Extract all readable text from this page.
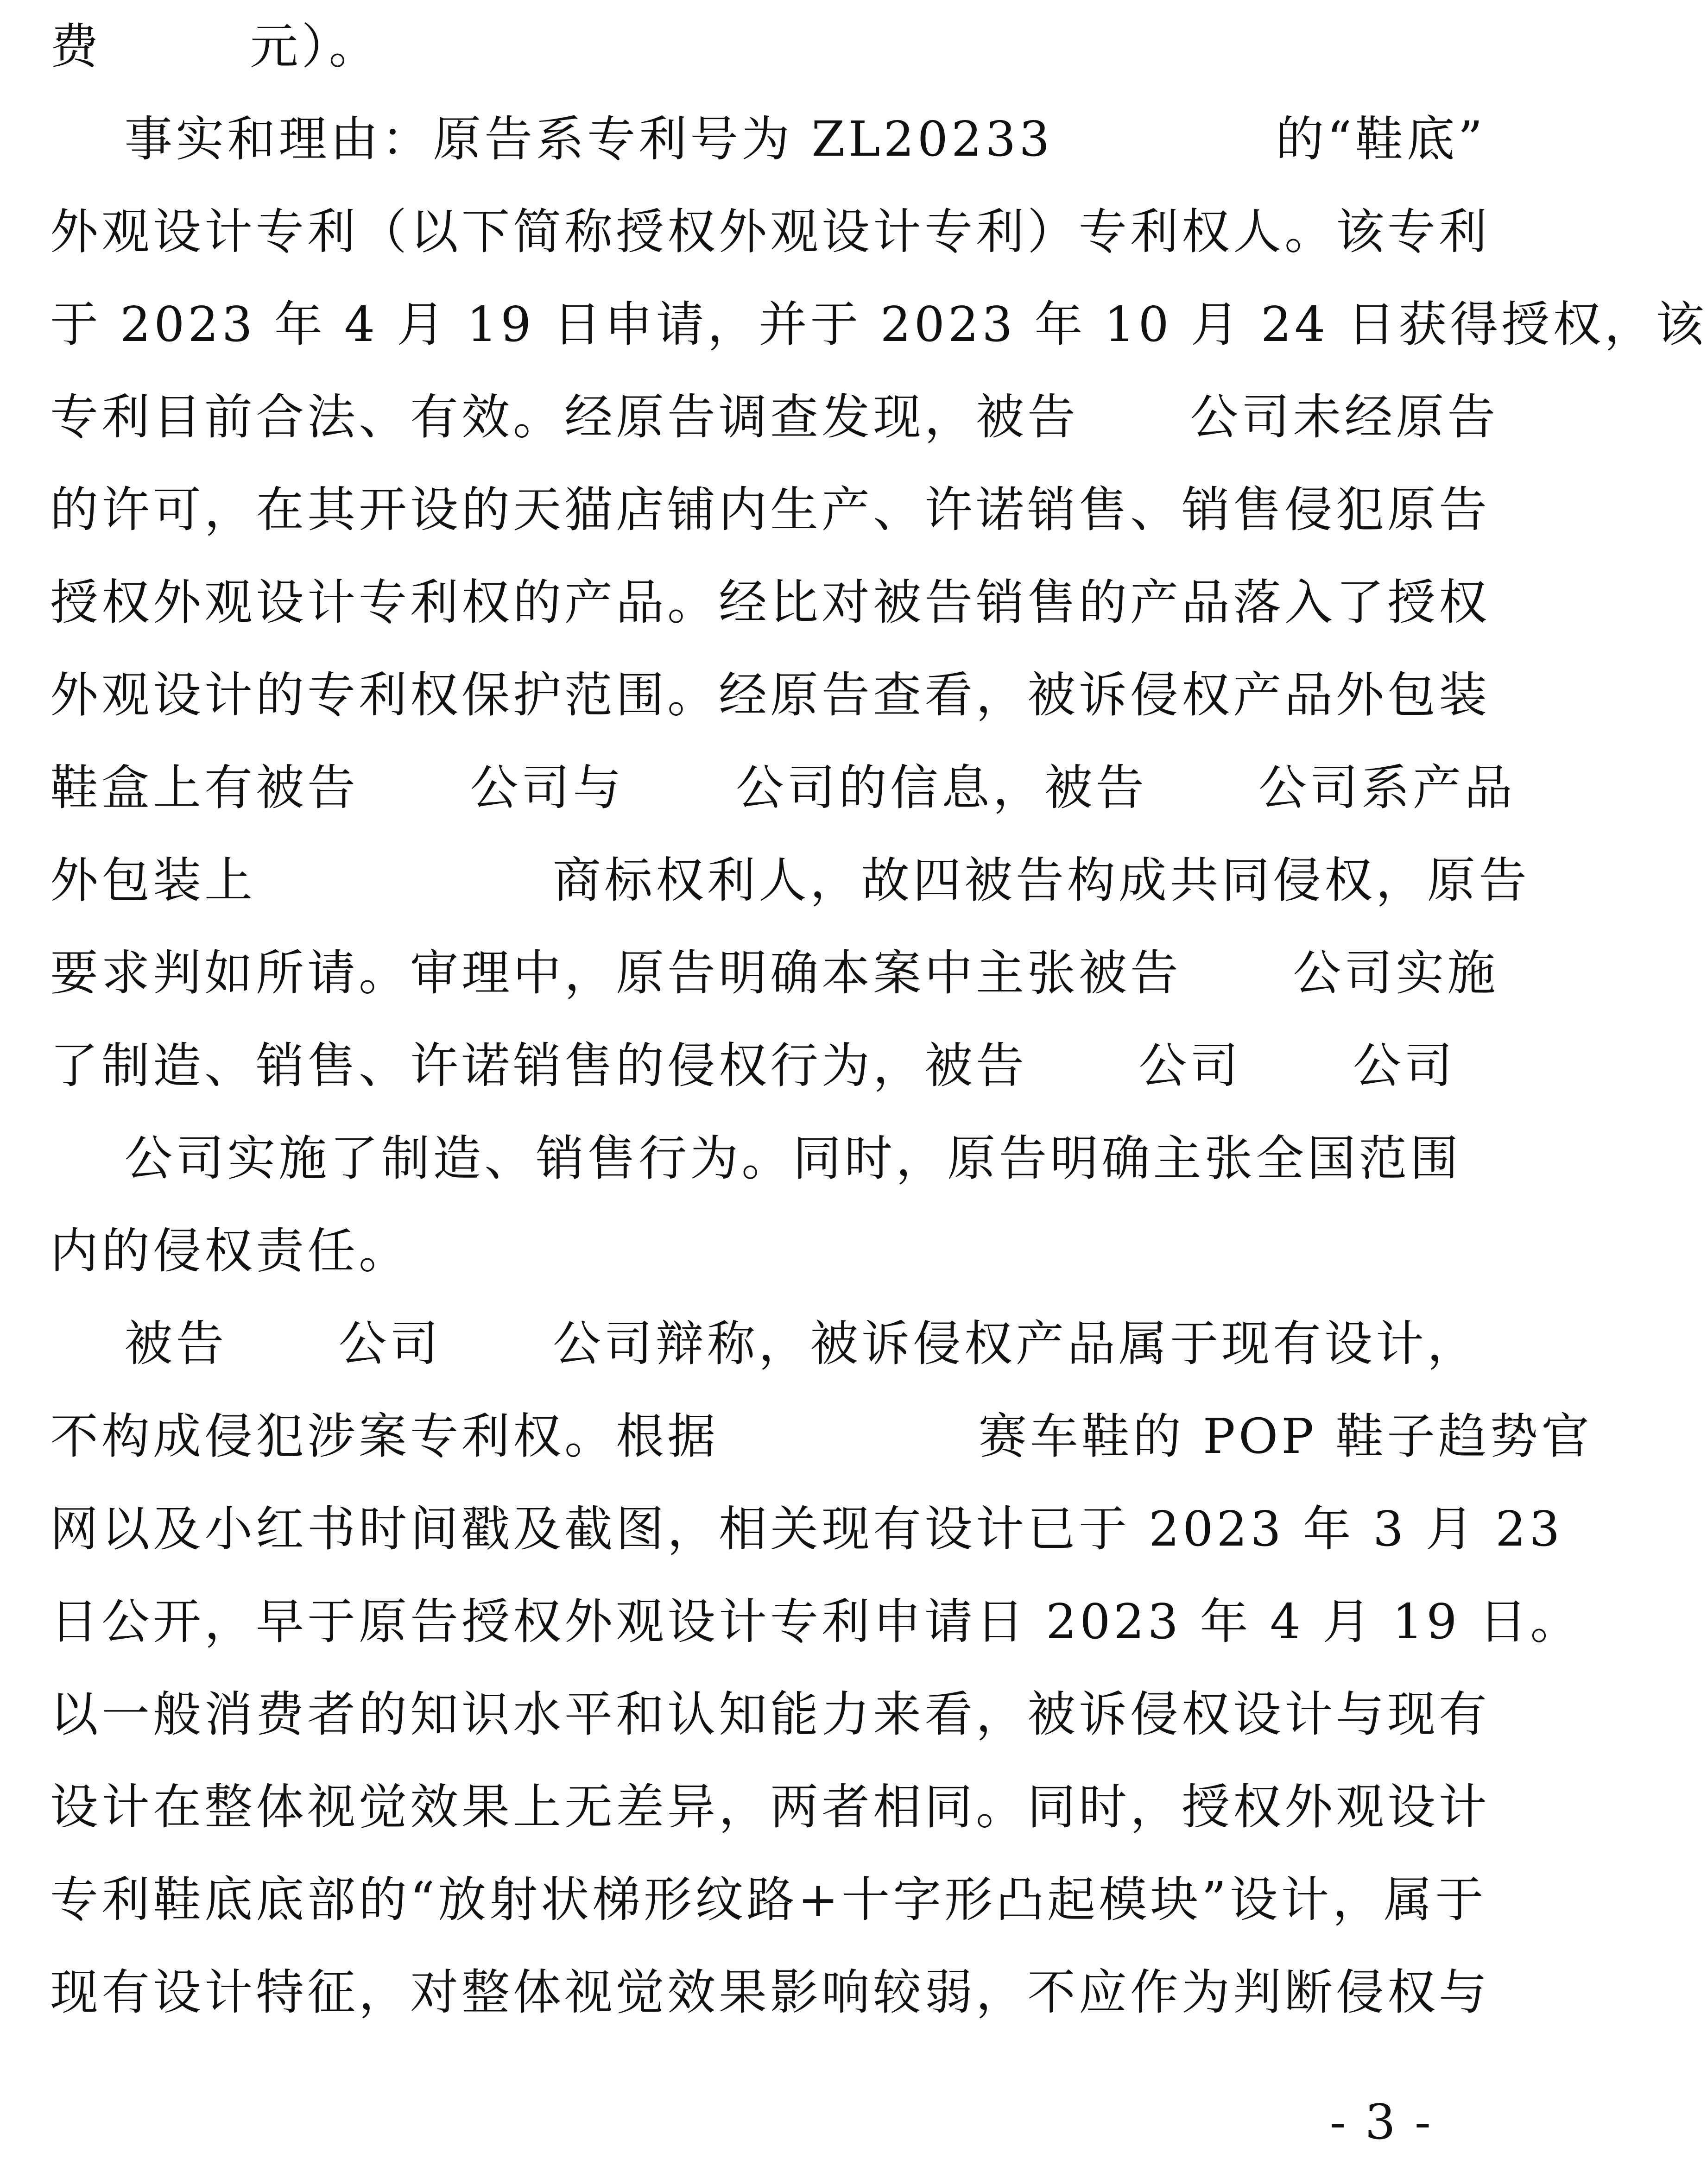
费        元）。
事实和理由：原告系专利号为 ZL20233            的“鞋底”
外观设计专利（以下简称授权外观设计专利）专利权人。该专利
于 2023 年 4 月 19 日申请，并于 2023 年 10 月 24 日获得授权，该
专利目前合法、有效。经原告调查发现，被告      公司未经原告
的许可，在其开设的天猫店铺内生产、许诺销售、销售侵犯原告
授权外观设计专利权的产品。经比对被告销售的产品落入了授权
外观设计的专利权保护范围。经原告查看，被诉侵权产品外包装
鞋盒上有被告      公司与      公司的信息，被告      公司系产品
外包装上                商标权利人，故四被告构成共同侵权，原告
要求判如所请。审理中，原告明确本案中主张被告      公司实施
了制造、销售、许诺销售的侵权行为，被告      公司      公司
公司实施了制造、销售行为。同时，原告明确主张全国范围
内的侵权责任。
被告      公司      公司辩称，被诉侵权产品属于现有设计，
不构成侵犯涉案专利权。根据              赛车鞋的 POP 鞋子趋势官
网以及小红书时间戳及截图，相关现有设计已于 2023 年 3 月 23
日公开，早于原告授权外观设计专利申请日 2023 年 4 月 19 日。
以一般消费者的知识水平和认知能力来看，被诉侵权设计与现有
设计在整体视觉效果上无差异，两者相同。同时，授权外观设计
专利鞋底底部的“放射状梯形纹路+十字形凸起模块”设计，属于
现有设计特征，对整体视觉效果影响较弱，不应作为判断侵权与
- 3 -
